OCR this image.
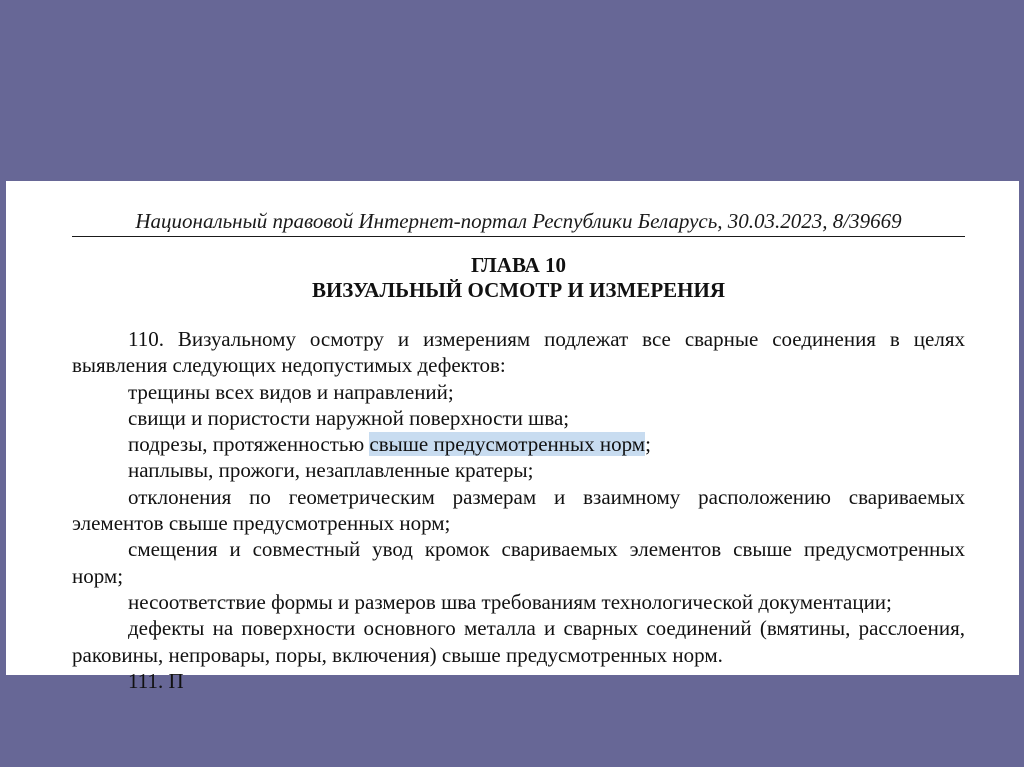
Национальный правовой Интернет-портал Республики Беларусь, 30.03.2023, 8/39669
ГЛАВА 10
ВИЗУАЛЬНЫЙ ОСМОТР И ИЗМЕРЕНИЯ

110. Визуальному осмотру и измерениям подлежат все сварные соединения в целях выявления следующих недопустимых дефектов:

трещины всех видов и направлений;

свищи и пористости наружной поверхности шва;

подрезы, протяженностью свыше предусмотренных норм;

наплывы, прожоги, незаплавленные кратеры;

отклонения по геометрическим размерам и взаимному расположению свариваемых элементов свыше предусмотренных норм;

смещения и совместный увод кромок свариваемых элементов свыше предусмотренных норм;

несоответствие формы и размеров шва требованиям технологической документации;

дефекты на поверхности основного металла и сварных соединений (вмятины, расслоения, раковины, непровары, поры, включения) свыше предусмотренных норм.

111. П
